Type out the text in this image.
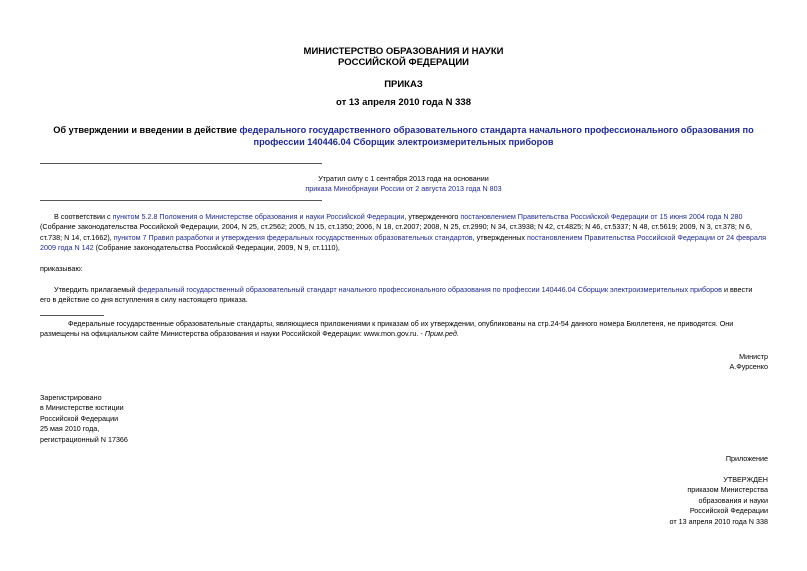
МИНИСТЕРСТВО ОБРАЗОВАНИЯ И НАУКИ
РОССИЙСКОЙ ФЕДЕРАЦИИ
ПРИКАЗ
от 13 апреля 2010 года N 338
Об утверждении и введении в действие федерального государственного образовательного стандарта начального профессионального образования по
профессии 140446.04 Сборщик электроизмерительных приборов
Утратил силу с 1 сентября 2013 года на основании
приказа Минобрнауки России от 2 августа 2013 года N 803
В соответствии с пунктом 5.2.8 Положения о Министерстве образования и науки Российской Федерации, утвержденного постановлением Правительства Российской Федерации от 15 июня 2004 года N 280
(Собрание законодательства Российской Федерации, 2004, N 25, ст.2562; 2005, N 15, ст.1350; 2006, N 18, ст.2007; 2008, N 25, ст.2990; N 34, ст.3938; N 42, ст.4825; N 46, ст.5337; N 48, ст.5619; 2009, N 3, ст.378; N 6,
ст.738; N 14, ст.1662), пунктом 7 Правил разработки и утверждения федеральных государственных образовательных стандартов, утвержденных постановлением Правительства Российской Федерации от 24 февраля
2009 года N 142 (Собрание законодательства Российской Федерации, 2009, N 9, ст.1110),
приказываю:
Утвердить прилагаемый федеральный государственный образовательный стандарт начального профессионального образования по профессии 140446.04 Сборщик электроизмерительных приборов и ввести
его в действие со дня вступления в силу настоящего приказа.
Федеральные государственные образовательные стандарты, являющиеся приложениями к приказам об их утверждении, опубликованы на стр.24-54 данного номера Бюллетеня, не приводятся. Они
размещены на официальном сайте Министерства образования и науки Российской Федерации: www.mon.gov.ru. - Прим.ред.
Министр
А.Фурсенко
Зарегистрировано
в Министерстве юстиции
Российской Федерации
25 мая 2010 года,
регистрационный N 17366
Приложение
УТВЕРЖДЕН
приказом Министерства
образования и науки
Российской Федерации
от 13 апреля 2010 года N 338
